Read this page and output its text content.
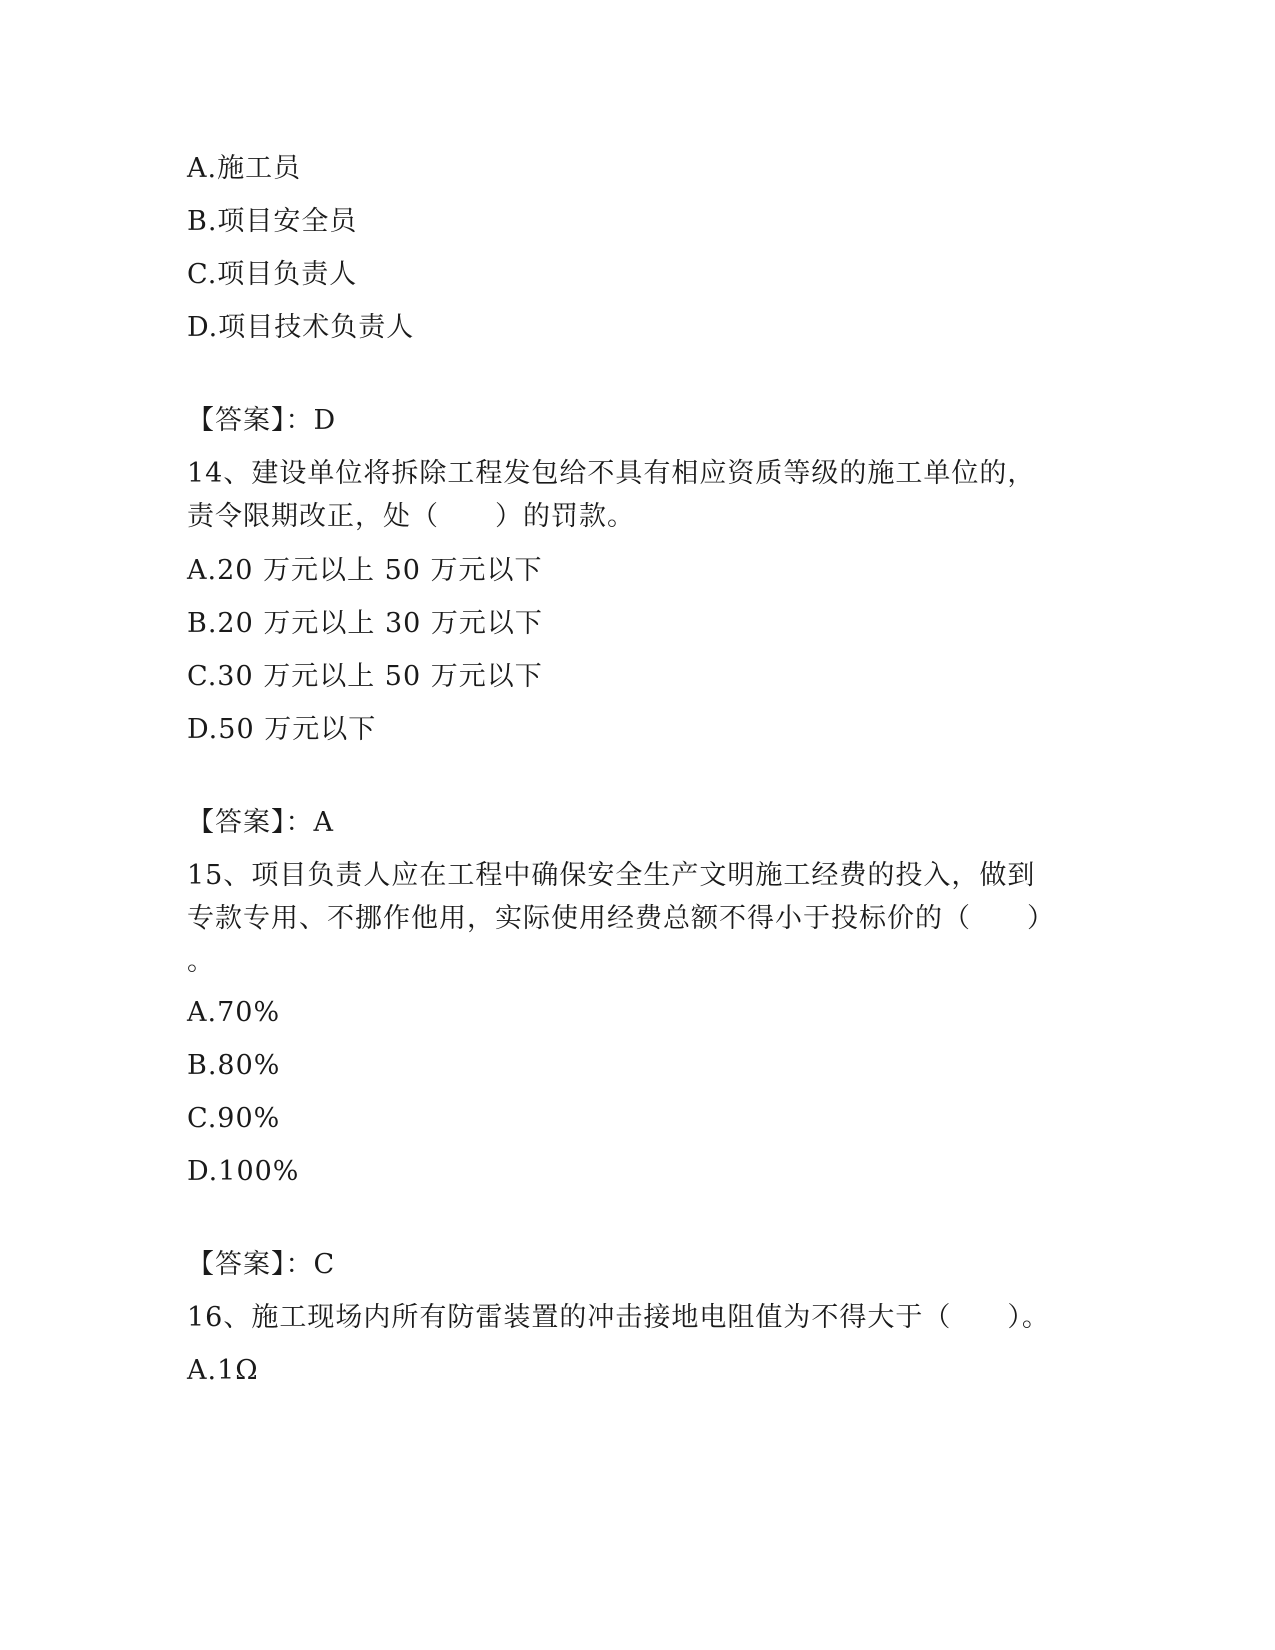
A.施工员
B.项目安全员
C.项目负责人
D.项目技术负责人
【答案】：D
14、建设单位将拆除工程发包给不具有相应资质等级的施工单位的，
责令限期改正，处（　　）的罚款。
A.20 万元以上 50 万元以下
B.20 万元以上 30 万元以下
C.30 万元以上 50 万元以下
D.50 万元以下
【答案】：A
15、项目负责人应在工程中确保安全生产文明施工经费的投入，做到
专款专用、不挪作他用，实际使用经费总额不得小于投标价的（　　）
。
A.70%
B.80%
C.90%
D.100%
【答案】：C
16、施工现场内所有防雷装置的冲击接地电阻值为不得大于（　　）。
A.1Ω
